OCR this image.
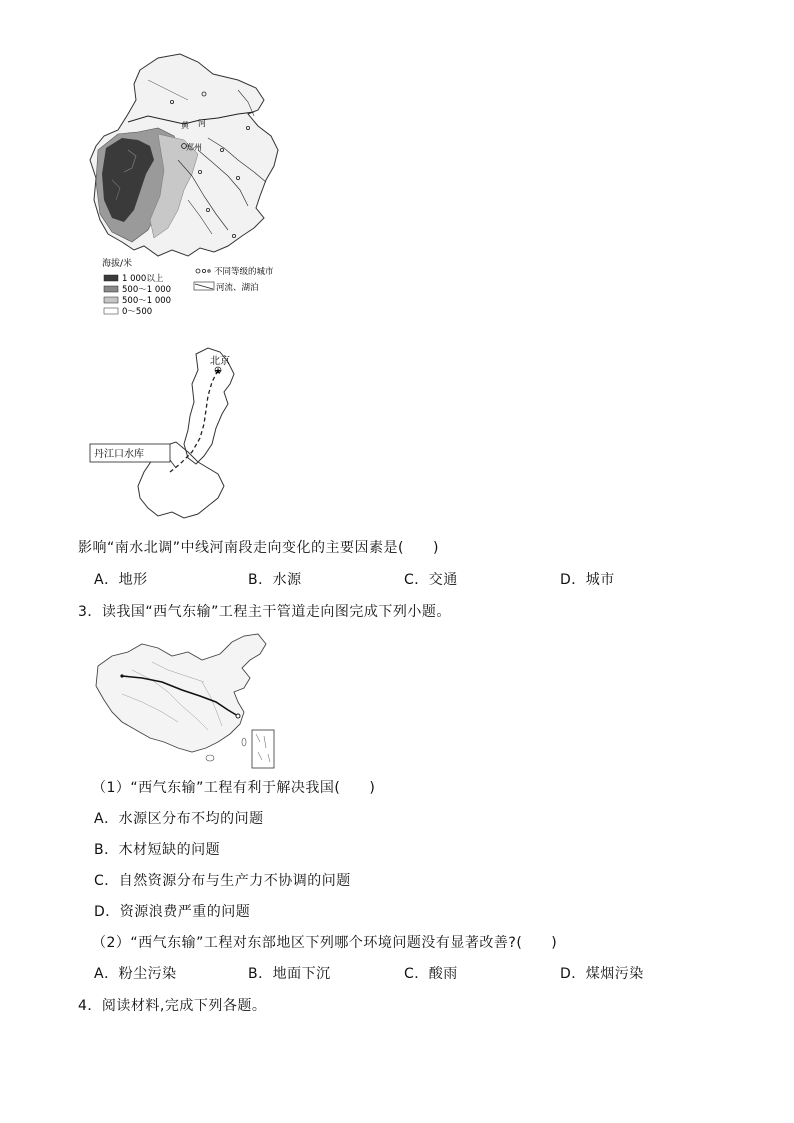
黄 河
郑州
海拔/米
1 000以上
500～1 000
500～1 000
0～500
不同等级的城市
河流、湖泊
★
北京
丹江口水库
影响“南水北调”中线河南段走向变化的主要因素是(　　)
A．地形	B．水源	C．交通	D．城市
3．读我国“西气东输”工程主干管道走向图完成下列小题。
（1）“西气东输”工程有利于解决我国(　　)
A．水源区分布不均的问题
B．木材短缺的问题
C．自然资源分布与生产力不协调的问题
D．资源浪费严重的问题
（2）“西气东输”工程对东部地区下列哪个环境问题没有显著改善?(　　)
A．粉尘污染	B．地面下沉	C．酸雨	D．煤烟污染
4．阅读材料,完成下列各题。
